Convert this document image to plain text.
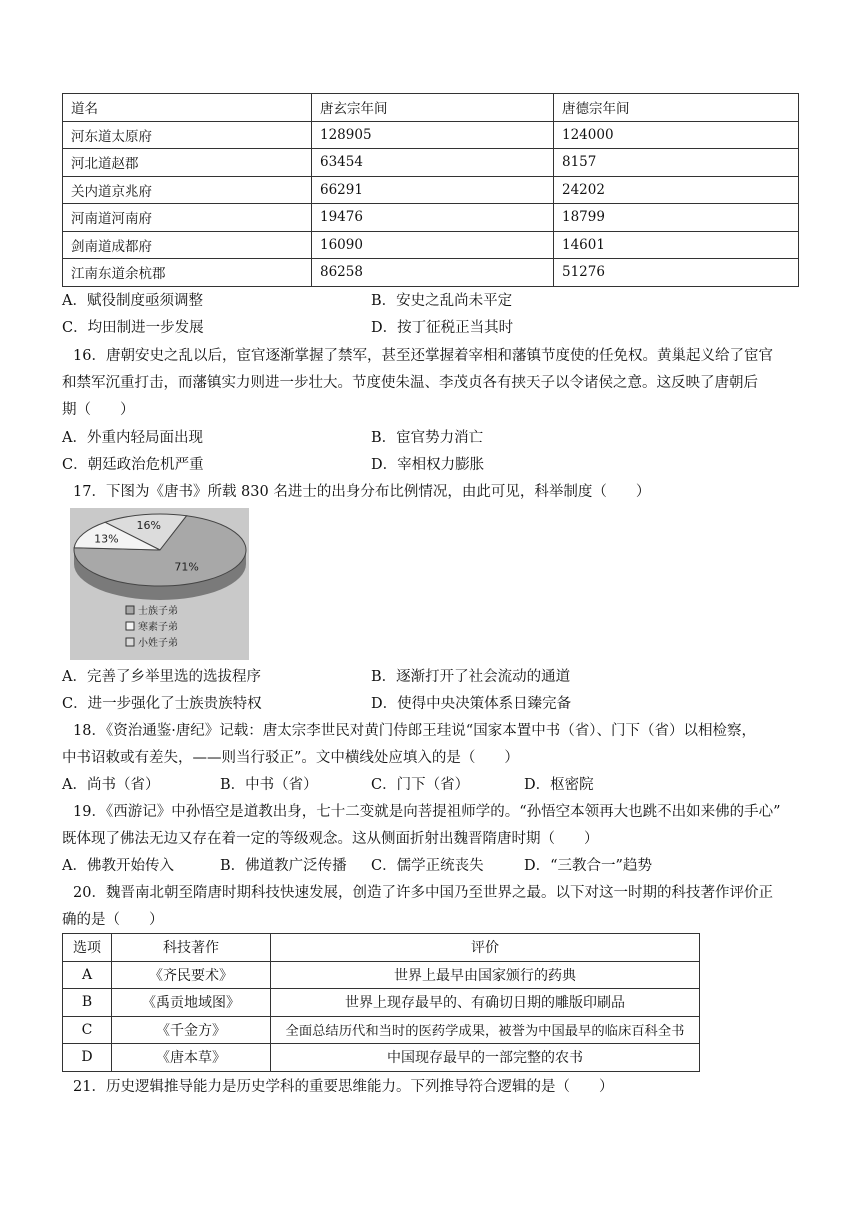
道名	唐玄宗年间	唐德宗年间
河东道太原府	128905	124000
河北道赵郡	63454	8157
关内道京兆府	66291	24202
河南道河南府	19476	18799
剑南道成都府	16090	14601
江南东道余杭郡	86258	51276
A．赋役制度亟须调整	B．安史之乱尚未平定
C．均田制进一步发展	D．按丁征税正当其时
16．唐朝安史之乱以后，宦官逐渐掌握了禁军，甚至还掌握着宰相和藩镇节度使的任免权。黄巢起义给了宦官
和禁军沉重打击，而藩镇实力则进一步壮大。节度使朱温、李茂贞各有挟天子以令诸侯之意。这反映了唐朝后
期（　　）
A．外重内轻局面出现	B．宦官势力消亡
C．朝廷政治危机严重	D．宰相权力膨胀
17．下图为《唐书》所载 830 名进士的出身分布比例情况，由此可见，科举制度（　　）
16%
71%
13%
士族子弟
寒素子弟
小姓子弟
A．完善了乡举里选的选拔程序	B．逐渐打开了社会流动的通道
C．进一步强化了士族贵族特权	D．使得中央决策体系日臻完备
18．《资治通鉴·唐纪》记载：唐太宗李世民对黄门侍郎王珪说“国家本置中书（省）、门下（省）以相检察，
中书诏敕或有差失，——则当行驳正”。文中横线处应填入的是（　　）
A．尚书（省）	B．中书（省）	C．门下（省）	D．枢密院
19．《西游记》中孙悟空是道教出身，七十二变就是向菩提祖师学的。“孙悟空本领再大也跳不出如来佛的手心”
既体现了佛法无边又存在着一定的等级观念。这从侧面折射出魏晋隋唐时期（　　）
A．佛教开始传入	B．佛道教广泛传播 C．儒学正统丧失	D．“三教合一”趋势
20．魏晋南北朝至隋唐时期科技快速发展，创造了许多中国乃至世界之最。以下对这一时期的科技著作评价正
确的是（　　）
选项	科技著作	评价
A	《齐民要术》	世界上最早由国家颁行的药典
B	《禹贡地域图》	世界上现存最早的、有确切日期的雕版印刷品
C	《千金方》	全面总结历代和当时的医药学成果，被誉为中国最早的临床百科全书
D	《唐本草》	中国现存最早的一部完整的农书
21．历史逻辑推导能力是历史学科的重要思维能力。下列推导符合逻辑的是（　　）
